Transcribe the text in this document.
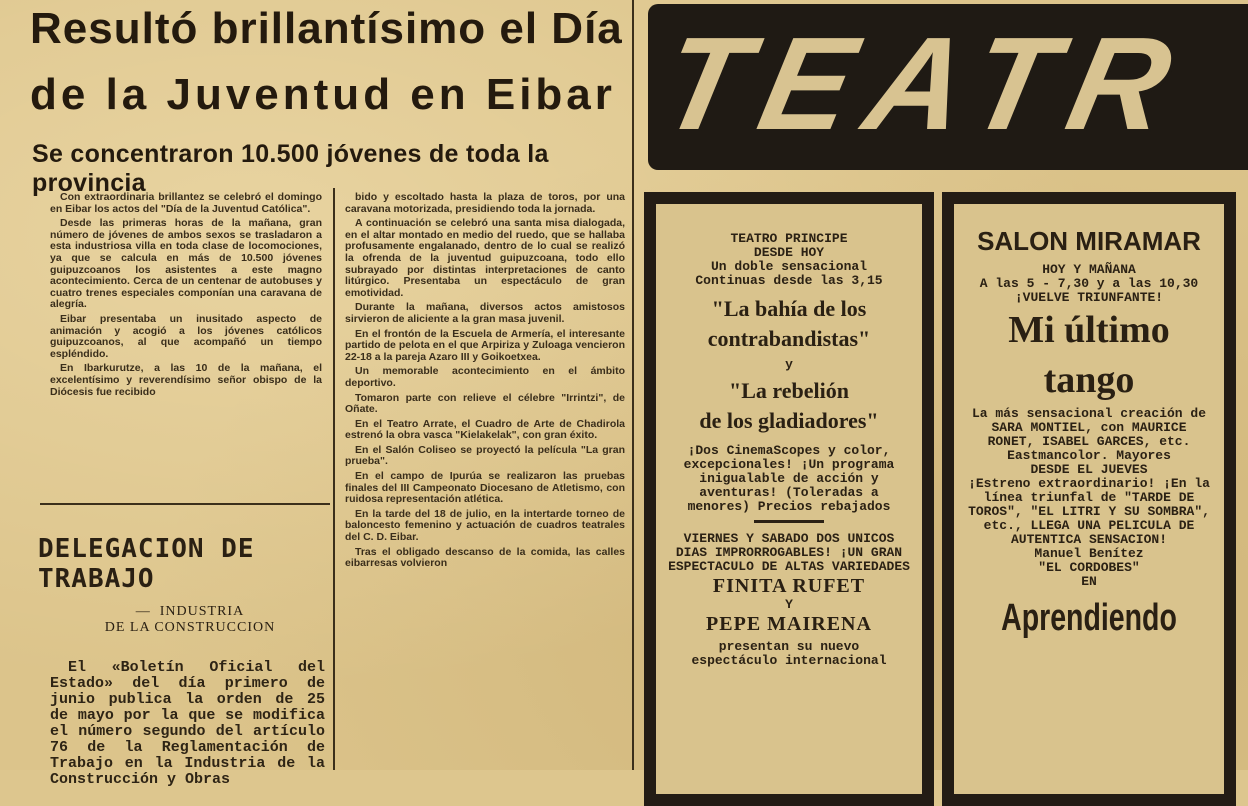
Resultó brillantísimo el Día
de la Juventud en Eibar
Se concentraron 10.500 jóvenes de toda la provincia

Con extraordinaria brillantez se celebró el domingo en Eibar los actos del "Día de la Juventud Católica".

Desde las primeras horas de la mañana, gran número de jóvenes de ambos sexos se trasladaron a esta industriosa villa en toda clase de locomociones, ya que se calcula en más de 10.500 jóvenes guipuzcoanos los asistentes a este magno acontecimiento. Cerca de un centenar de autobuses y cuatro trenes especiales componían una caravana de alegría.

Eibar presentaba un inusitado aspecto de animación y acogió a los jóvenes católicos guipuzcoanos, al que acompañó un tiempo espléndido.

En Ibarkurutze, a las 10 de la mañana, el excelentísimo y reverendísimo señor obispo de la Diócesis fue recibido

bido y escoltado hasta la plaza de toros, por una caravana motorizada, presidiendo toda la jornada.

A continuación se celebró una santa misa dialogada, en el altar montado en medio del ruedo, que se hallaba profusamente engalanado, dentro de lo cual se realizó la ofrenda de la juventud guipuzcoana, todo ello subrayado por distintas interpretaciones de canto litúrgico. Presentaba un espectáculo de gran emotividad.

Durante la mañana, diversos actos amistosos sirvieron de aliciente a la gran masa juvenil.

En el frontón de la Escuela de Armería, el interesante partido de pelota en el que Arpiriza y Zuloaga vencieron 22-18 a la pareja Azaro III y Goikoetxea.

Un memorable acontecimiento en el ámbito deportivo.

Tomaron parte con relieve el célebre "Irrintzi", de Oñate.

En el Teatro Arrate, el Cuadro de Arte de Chadirola estrenó la obra vasca "Kielakelak", con gran éxito.

En el Salón Coliseo se proyectó la película "La gran prueba".

En el campo de Ipurúa se realizaron las pruebas finales del III Campeonato Diocesano de Atletismo, con ruidosa representación atlética.

En la tarde del 18 de julio, en la intertarde torneo de baloncesto femenino y actuación de cuadros teatrales del C. D. Eibar.

Tras el obligado descanso de la comida, las calles eibarresas volvieron

DELEGACION DE TRABAJO
— INDUSTRIA
DE LA CONSTRUCCION
El «Boletín Oficial del Estado» del día primero de junio publica la orden de 25 de mayo por la que se modifica el número segundo del artículo 76 de la Reglamentación de Trabajo en la Industria de la Construcción y Obras
TEATR
TEATRO PRINCIPE
DESDE HOY
Un doble sensacional
Continuas desde las 3,15
"La bahía de los
contrabandistas"
y
"La rebelión
de los gladiadores"
¡Dos CinemaScopes y color, excepcionales! ¡Un programa inigualable de acción y aventuras! (Toleradas a menores) Precios rebajados
VIERNES Y SABADO DOS UNICOS DIAS IMPRORROGABLES! ¡UN GRAN ESPECTACULO DE ALTAS VARIEDADES
FINITA RUFET
Y
PEPE MAIRENA
presentan su nuevo espectáculo internacional
SALON MIRAMAR
HOY Y MAÑANA
A las 5 - 7,30 y a las 10,30
¡VUELVE TRIUNFANTE!
Mi último
tango
La más sensacional creación de SARA MONTIEL, con MAURICE RONET, ISABEL GARCES, etc. Eastmancolor. Mayores
DESDE EL JUEVES
¡Estreno extraordinario! ¡En la línea triunfal de "TARDE DE TOROS", "EL LITRI Y SU SOMBRA", etc., LLEGA UNA PELICULA DE AUTENTICA SENSACION!
Manuel Benítez
"EL CORDOBES"
EN
Aprendiendo
